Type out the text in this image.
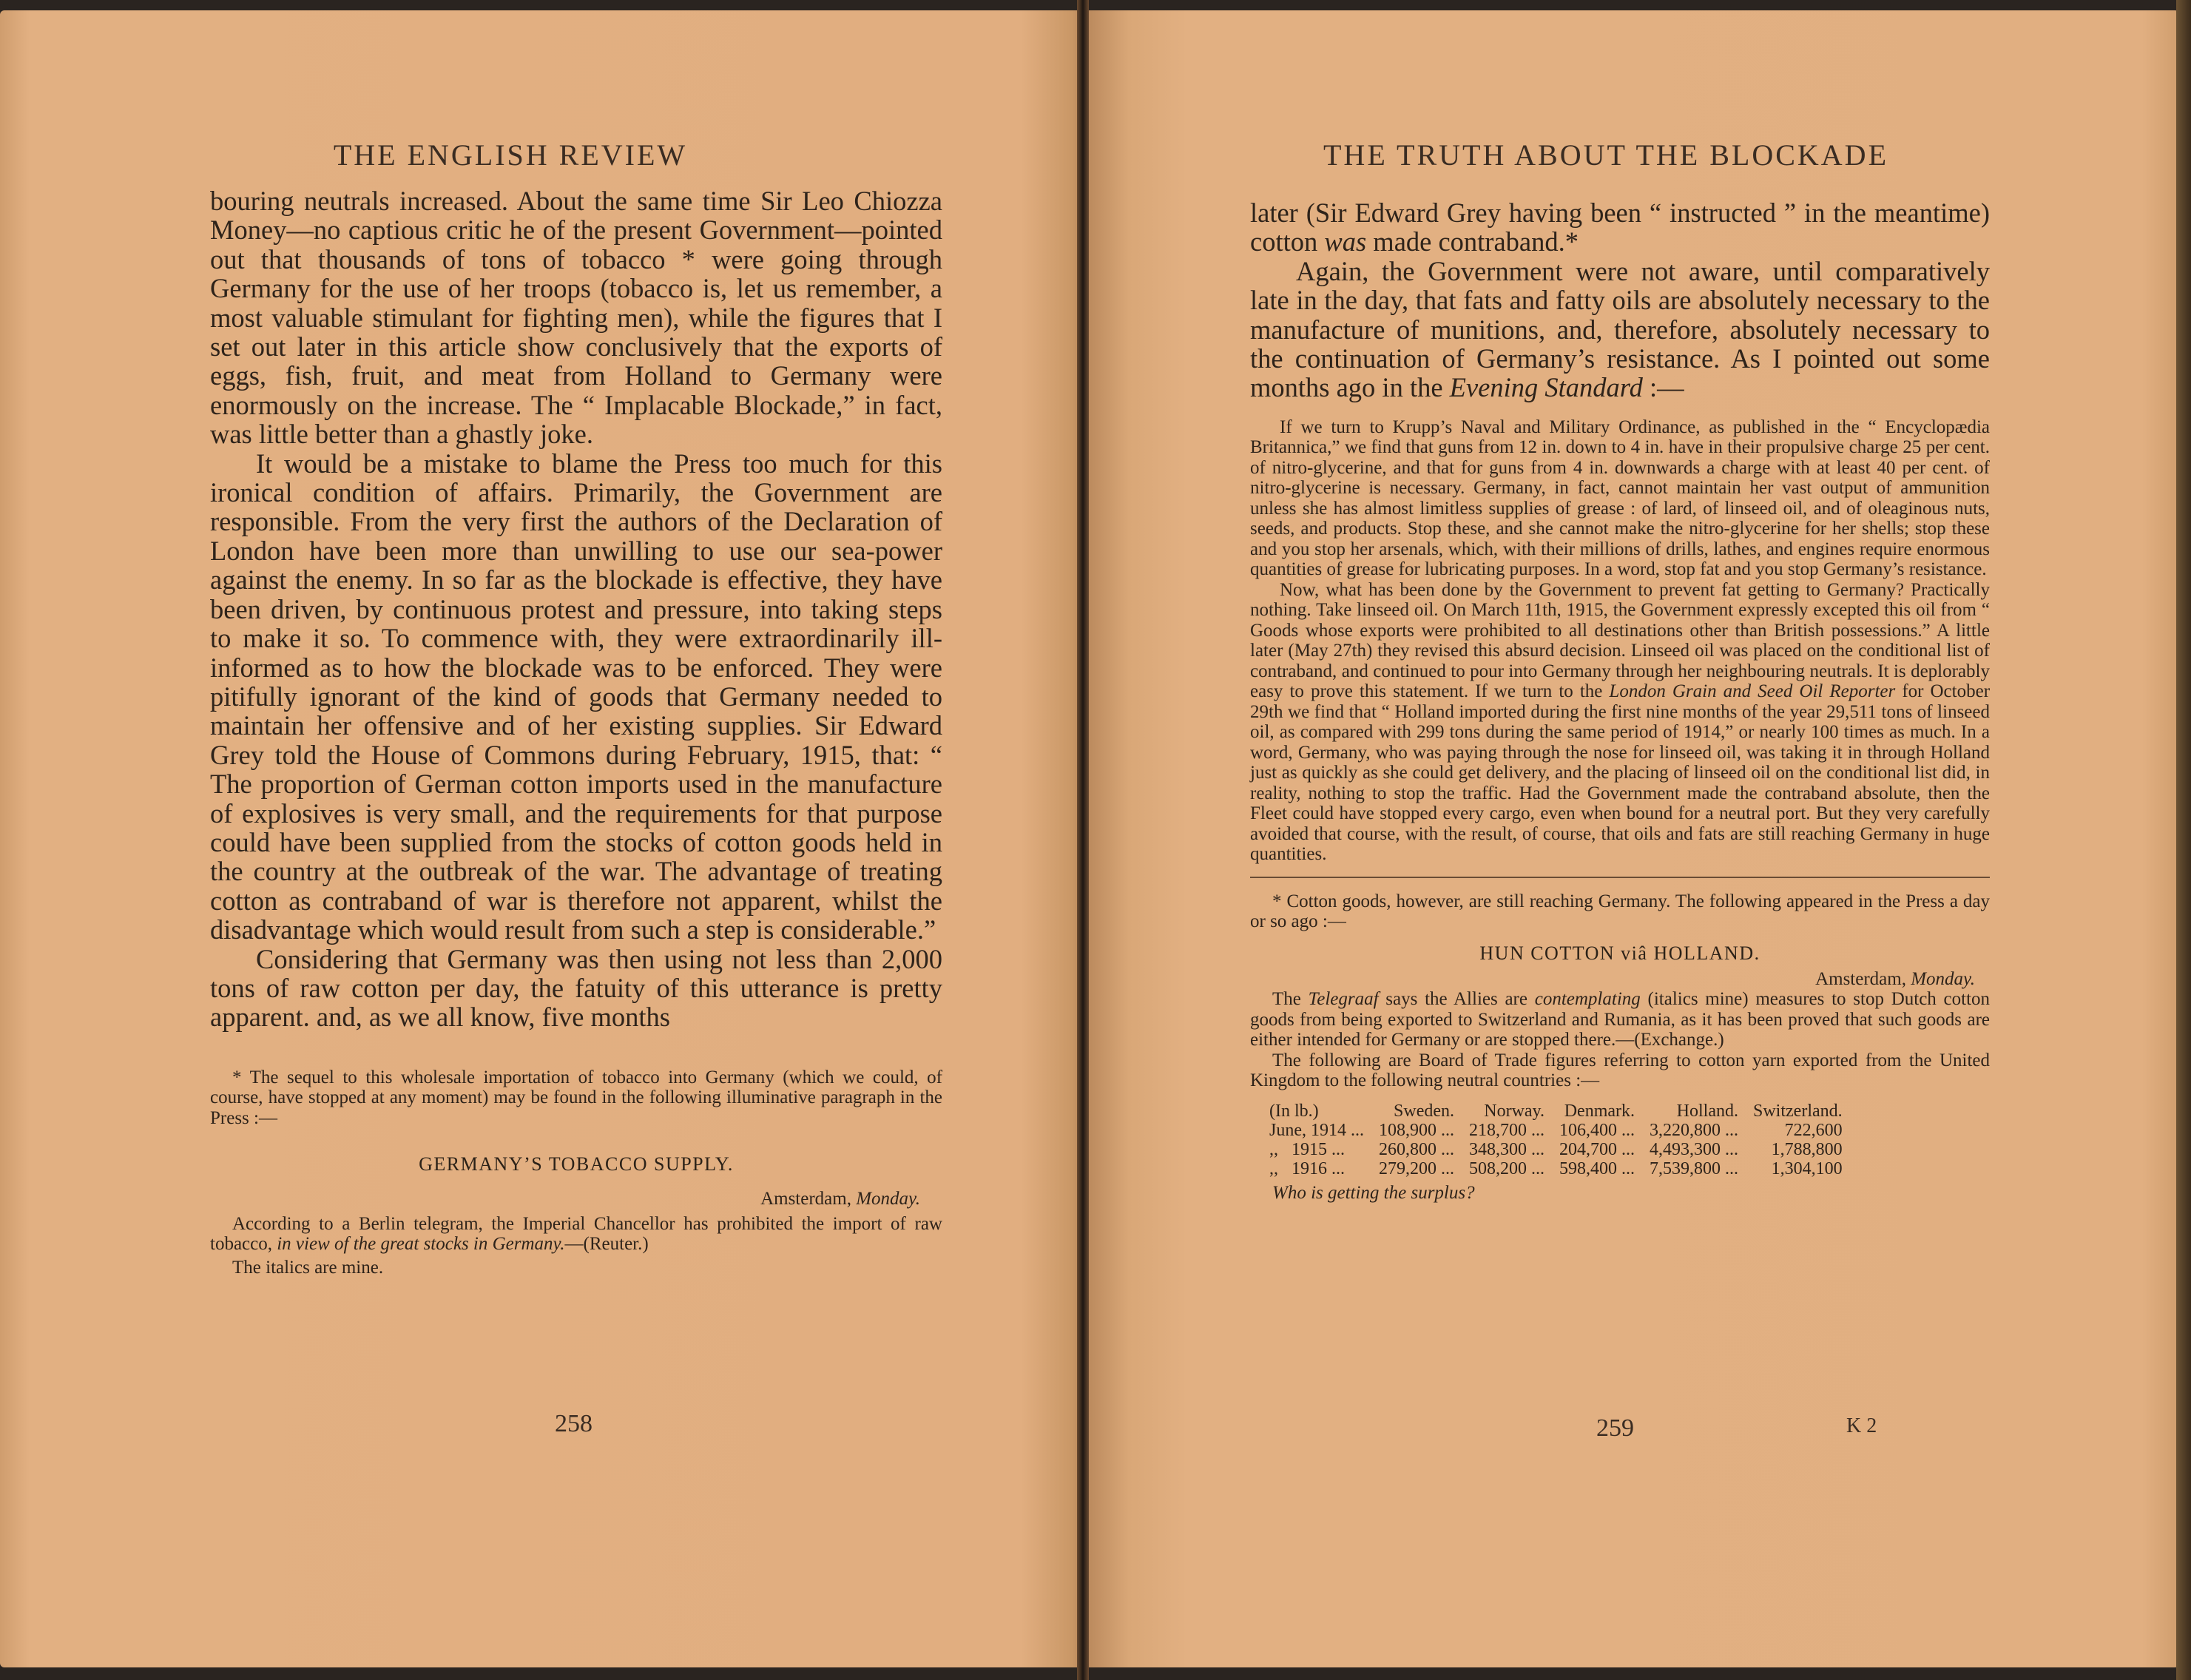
THE ENGLISH REVIEW

bouring neutrals increased. About the same time Sir Leo Chiozza Money—no captious critic he of the present Government—pointed out that thousands of tons of tobacco * were going through Germany for the use of her troops (tobacco is, let us remember, a most valuable stimulant for fighting men), while the figures that I set out later in this article show conclusively that the exports of eggs, fish, fruit, and meat from Holland to Germany were enormously on the increase. The “ Implacable Blockade,” in fact, was little better than a ghastly joke.

It would be a mistake to blame the Press too much for this ironical condition of affairs. Primarily, the Government are responsible. From the very first the authors of the Declaration of London have been more than unwilling to use our sea-power against the enemy. In so far as the blockade is effective, they have been driven, by continuous protest and pressure, into taking steps to make it so. To commence with, they were extraordinarily ill-informed as to how the blockade was to be enforced. They were pitifully ignorant of the kind of goods that Germany needed to maintain her offensive and of her existing supplies. Sir Edward Grey told the House of Commons during February, 1915, that: “ The proportion of German cotton imports used in the manufacture of explosives is very small, and the requirements for that purpose could have been supplied from the stocks of cotton goods held in the country at the outbreak of the war. The advantage of treating cotton as contraband of war is therefore not apparent, whilst the disadvantage which would result from such a step is considerable.”

Considering that Germany was then using not less than 2,000 tons of raw cotton per day, the fatuity of this utterance is pretty apparent. and, as we all know, five months

* The sequel to this wholesale importation of tobacco into Germany (which we could, of course, have stopped at any moment) may be found in the following illuminative paragraph in the Press :—

GERMANY’S TOBACCO SUPPLY.

Amsterdam, Monday.

According to a Berlin telegram, the Imperial Chancellor has prohibited the import of raw tobacco, in view of the great stocks in Germany.—(Reuter.)

The italics are mine.

258
THE TRUTH ABOUT THE BLOCKADE

later (Sir Edward Grey having been “ instructed ” in the meantime) cotton was made contraband.*

Again, the Government were not aware, until comparatively late in the day, that fats and fatty oils are absolutely necessary to the manufacture of munitions, and, therefore, absolutely necessary to the continuation of Germany’s resistance. As I pointed out some months ago in the Evening Standard :—

If we turn to Krupp’s Naval and Military Ordinance, as published in the “ Encyclopædia Britannica,” we find that guns from 12 in. down to 4 in. have in their propulsive charge 25 per cent. of nitro-glycerine, and that for guns from 4 in. downwards a charge with at least 40 per cent. of nitro-glycerine is necessary. Germany, in fact, cannot maintain her vast output of ammunition unless she has almost limitless supplies of grease : of lard, of linseed oil, and of oleaginous nuts, seeds, and products. Stop these, and she cannot make the nitro-glycerine for her shells; stop these and you stop her arsenals, which, with their millions of drills, lathes, and engines require enormous quantities of grease for lubricating purposes. In a word, stop fat and you stop Germany’s resistance.

Now, what has been done by the Government to prevent fat getting to Germany? Practically nothing. Take linseed oil. On March 11th, 1915, the Government expressly excepted this oil from “ Goods whose exports were prohibited to all destinations other than British possessions.” A little later (May 27th) they revised this absurd decision. Linseed oil was placed on the conditional list of contraband, and continued to pour into Germany through her neighbouring neutrals. It is deplorably easy to prove this statement. If we turn to the London Grain and Seed Oil Reporter for October 29th we find that “ Holland imported during the first nine months of the year 29,511 tons of linseed oil, as compared with 299 tons during the same period of 1914,” or nearly 100 times as much. In a word, Germany, who was paying through the nose for linseed oil, was taking it in through Holland just as quickly as she could get delivery, and the placing of linseed oil on the conditional list did, in reality, nothing to stop the traffic. Had the Government made the contraband absolute, then the Fleet could have stopped every cargo, even when bound for a neutral port. But they very carefully avoided that course, with the result, of course, that oils and fats are still reaching Germany in huge quantities.

* Cotton goods, however, are still reaching Germany. The following appeared in the Press a day or so ago :—

HUN COTTON viâ HOLLAND.

Amsterdam, Monday.

The Telegraaf says the Allies are contemplating (italics mine) measures to stop Dutch cotton goods from being exported to Switzerland and Rumania, as it has been proved that such goods are either intended for Germany or are stopped there.—(Exchange.)

The following are Board of Trade figures referring to cotton yarn exported from the United Kingdom to the following neutral countries :—

(In lb.)	Sweden.	Norway.	Denmark.	Holland.	Switzerland.
June, 1914 ...	108,900 ...	218,700 ...	106,400 ...	3,220,800 ...	722,600
,,   1915 ...	260,800 ...	348,300 ...	204,700 ...	4,493,300 ...	1,788,800
,,   1916 ...	279,200 ...	508,200 ...	598,400 ...	7,539,800 ...	1,304,100

Who is getting the surplus?

259	K 2
